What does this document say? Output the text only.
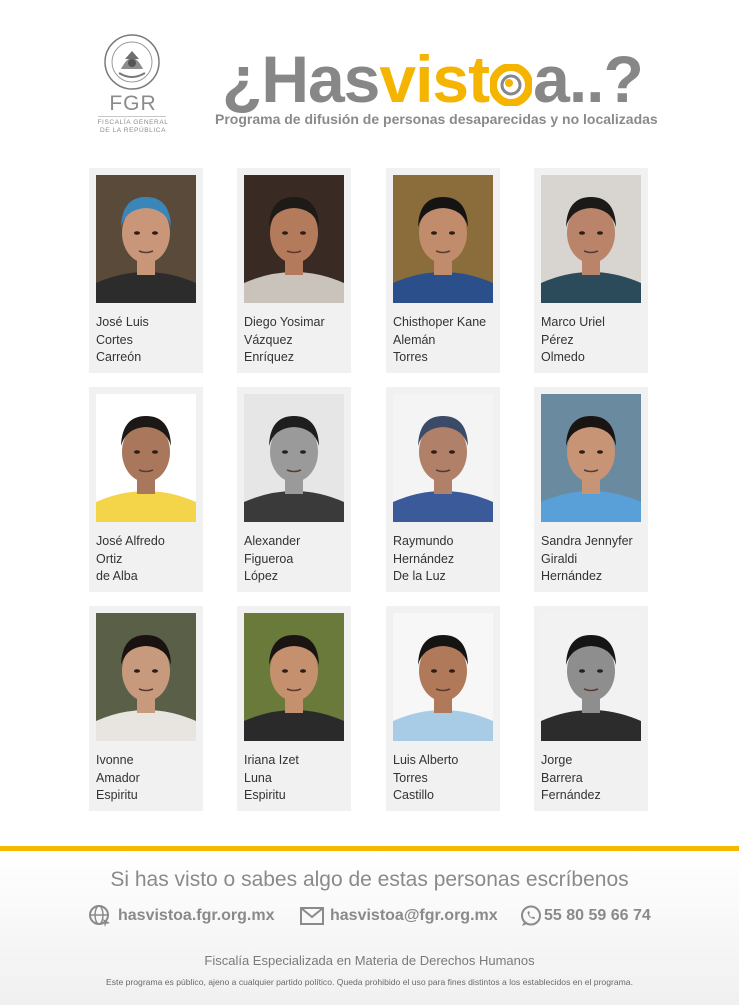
FGR
FISCALÍA GENERAL DE LA REPÚBLICA
¿Hasvist a..?
Programa de difusión de personas desaparecidas y no localizadas
José Luis
Cortes
Carreón
Diego Yosimar
Vázquez
Enríquez
Chisthoper Kane
Alemán
Torres
Marco Uriel
Pérez
Olmedo
José Alfredo
Ortiz
de Alba
Alexander
Figueroa
López
Raymundo
Hernández
De la Luz
Sandra Jennyfer
Giraldi
Hernández
Ivonne
Amador
Espiritu
Iriana Izet
Luna
Espiritu
Luis Alberto
Torres
Castillo
Jorge
Barrera
Fernández
Si has visto o sabes algo de estas personas escríbenos
hasvistoa.fgr.org.mx	hasvistoa@fgr.org.mx	55 80 59 66 74
Fiscalía Especializada en Materia de Derechos Humanos
Este programa es público, ajeno a cualquier partido político. Queda prohibido el uso para fines distintos a los establecidos en el programa.
